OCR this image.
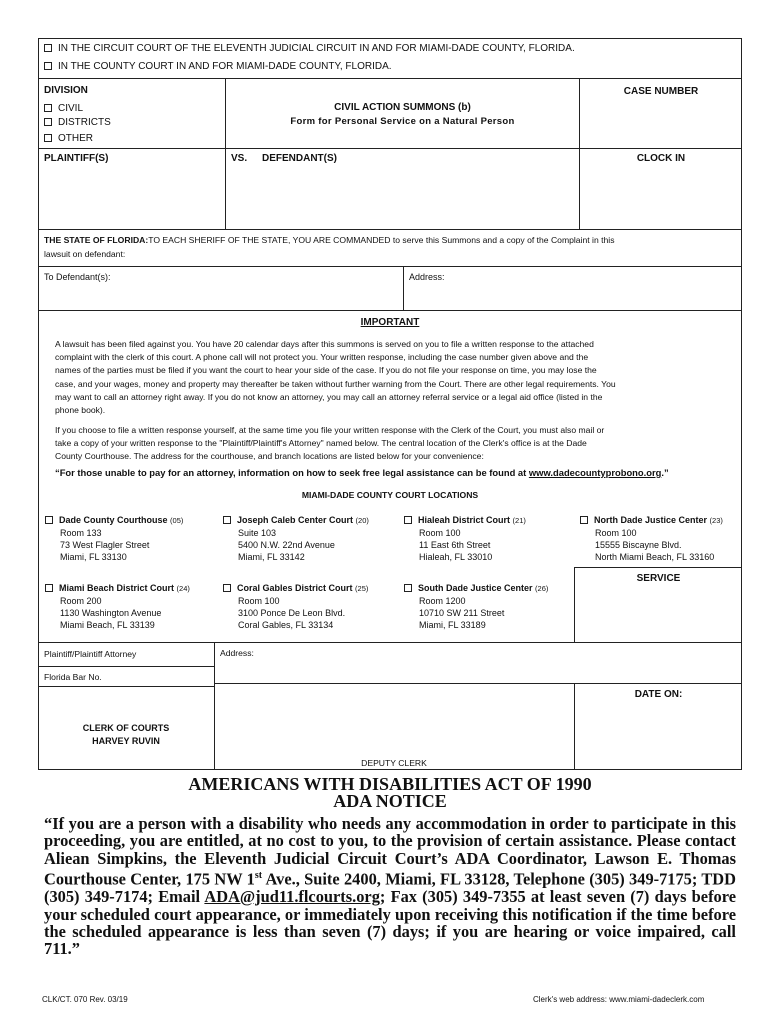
IN THE CIRCUIT COURT OF THE ELEVENTH JUDICIAL CIRCUIT IN AND FOR MIAMI-DADE COUNTY, FLORIDA.
IN THE COUNTY COURT IN AND FOR MIAMI-DADE COUNTY, FLORIDA.
DIVISION
CIVIL
DISTRICTS
OTHER
CIVIL ACTION SUMMONS (b)
Form for Personal Service on a Natural Person
CASE NUMBER
PLAINTIFF(S)	VS. DEFENDANT(S)	CLOCK IN
THE STATE OF FLORIDA:TO EACH SHERIFF OF THE STATE, YOU ARE COMMANDED to serve this Summons and a copy of the Complaint in this
lawsuit on defendant:
To Defendant(s):	Address:
IMPORTANT
A lawsuit has been filed against you. You have 20 calendar days after this summons is served on you to file a written response to the attached
complaint with the clerk of this court. A phone call will not protect you. Your written response, including the case number given above and the
names of the parties must be filed if you want the court to hear your side of the case. If you do not file your response on time, you may lose the
case, and your wages, money and property may thereafter be taken without further warning from the Court. There are other legal requirements. You
may want to call an attorney right away. If you do not know an attorney, you may call an attorney referral service or a legal aid office (listed in the
phone book).
If you choose to file a written response yourself, at the same time you file your written response with the Clerk of the Court, you must also mail or
take a copy of your written response to the "Plaintiff/Plaintiff's Attorney" named below. The central location of the Clerk's office is at the Dade
County Courthouse. The address for the courthouse, and branch locations are listed below for your convenience:
“For those unable to pay for an attorney, information on how to seek free legal assistance can be found at www.dadecountyprobono.org.”
MIAMI-DADE COUNTY COURT LOCATIONS
Dade County Courthouse (05)
Room 133
73 West Flagler Street
Miami, FL 33130
Joseph Caleb Center Court (20)
Suite 103
5400 N.W. 22nd Avenue
Miami, FL 33142
Hialeah District Court (21)
Room 100
11 East 6th Street
Hialeah, FL 33010
North Dade Justice Center (23)
Room 100
15555 Biscayne Blvd.
North Miami Beach, FL 33160
SERVICE
Miami Beach District Court (24)
Room 200
1130 Washington Avenue
Miami Beach, FL 33139
Coral Gables District Court (25)
Room 100
3100 Ponce De Leon Blvd.
Coral Gables, FL 33134
South Dade Justice Center (26)
Room 1200
10710 SW 211 Street
Miami, FL 33189
Plaintiff/Plaintiff Attorney	Address:
Florida Bar No.
DATE ON:
CLERK OF COURTS
HARVEY RUVIN
DEPUTY CLERK
AMERICANS WITH DISABILITIES ACT OF 1990
ADA NOTICE
“If you are a person with a disability who needs any accommodation in order to participate in this proceeding, you are entitled, at no cost to you, to the provision of certain assistance. Please contact Aliean Simpkins, the Eleventh Judicial Circuit Court’s ADA Coordinator, Lawson E. Thomas Courthouse Center, 175 NW 1st Ave., Suite 2400, Miami, FL 33128, Telephone (305) 349-7175; TDD (305) 349-7174; Email ADA@jud11.flcourts.org; Fax (305) 349-7355 at least seven (7) days before your scheduled court appearance, or immediately upon receiving this notification if the time before the scheduled appearance is less than seven (7) days; if you are hearing or voice impaired, call 711.”
CLK/CT. 070 Rev. 03/19	Clerk's web address: www.miami-dadeclerk.com
